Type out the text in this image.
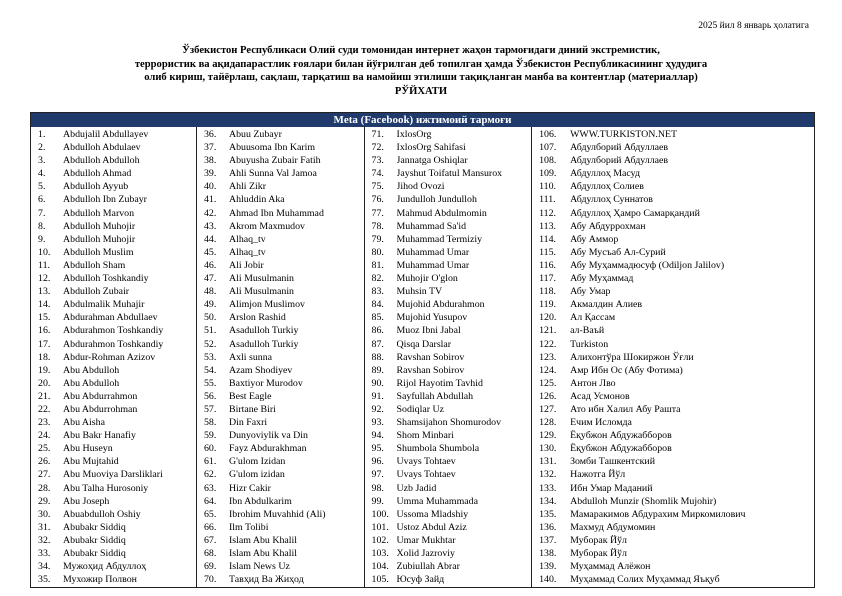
2025 йил 8 январь ҳолатига
Ўзбекистон Республикаси Олий суди томонидан интернет жаҳон тармоғидаги диний экстремистик,
террористик ва ақидапарастлик ғоялари билан йўғрилган деб топилган ҳамда Ўзбекистон Республикасининг ҳудудига
олиб кириш, тайёрлаш, сақлаш, тарқатиш ва намойиш этилиши тақиқланган манба ва контентлар (материаллар)
РЎЙХАТИ
Meta (Facebook) ижтимоий тармоғи
1.	Abdujalil Abdullayev
2.	Abdulloh Abdulaev
3.	Abdulloh Abdulloh
4.	Abdulloh Ahmad
5.	Abdulloh Ayyub
6.	Abdulloh Ibn Zubayr
7.	Abdulloh Marvon
8.	Abdulloh Muhojir
9.	Abdulloh Muhojir
10.	Abdulloh Muslim
11.	Abdulloh Sham
12.	Abdulloh Toshkandiy
13.	Abdulloh Zubair
14.	Abdulmalik Muhajir
15.	Abdurahman Abdullaev
16.	Abdurahmon Toshkandiy
17.	Abdurahmon Toshkandiy
18.	Abdur-Rohman Azizov
19.	Abu Abdulloh
20.	Abu Abdulloh
21.	Abu Abdurrahmon
22.	Abu Abdurrohman
23.	Abu Aisha
24.	Abu Bakr Hanafiy
25.	Abu Huseyn
26.	Abu Mujtahid
27.	Abu Muoviya Darsliklari
28.	Abu Talha Hurosoniy
29.	Abu Joseph
30.	Abuabdulloh Oshiy
31.	Abubakr Siddiq
32.	Abubakr Siddiq
33.	Abubakr Siddiq
34.	Мужоҳид Абдуллоҳ
35.	Мухожир Полвон
36.	Abuu Zubayr
37.	Abuusoma Ibn Karim
38.	Abuyusha Zubair Fatih
39.	Ahli Sunna Val Jamoa
40.	Ahli Zikr
41.	Ahluddin Aka
42.	Ahmad Ibn Muhammad
43.	Akrom Maxmudov
44.	Alhaq_tv
45.	Alhaq_tv
46.	Ali Jobir
47.	Ali Musulmanin
48.	Ali Musulmanin
49.	Alimjon Muslimov
50.	Arslon Rashid
51.	Asadulloh Turkiy
52.	Asadulloh Turkiy
53.	Axli sunna
54.	Azam Shodiyev
55.	Baxtiyor Murodov
56.	Best Eagle
57.	Birtane Biri
58.	Din Faxri
59.	Dunyoviylik va Din
60.	Fayz Abdurakhman
61.	G'ulom Izidan
62.	G'ulom izidan
63.	Hizr Cakir
64.	Ibn Abdulkarim
65.	Ibrohim Muvahhid (Ali)
66.	Ilm Tolibi
67.	Islam Abu Khalil
68.	Islam Abu Khalil
69.	Islam News Uz
70.	Тавҳид Ва Жиҳод
71.	IxlosOrg
72.	IxlosOrg Sahifasi
73.	Jannatga Oshiqlar
74.	Jayshut Toifatul Mansurox
75.	Jihod Ovozi
76.	Jundulloh Jundulloh
77.	Mahmud Abdulmomin
78.	Muhammad Sa'id
79.	Muhammad Termiziy
80.	Muhammad Umar
81.	Muhammad Umar
82.	Muhojir O'glon
83.	Muhsin TV
84.	Mujohid Abdurahmon
85.	Mujohid Yusupov
86.	Muoz Ibni Jabal
87.	Qisqa Darslar
88.	Ravshan Sobirov
89.	Ravshan Sobirov
90.	Rijol Hayotim Tavhid
91.	Sayfullah Abdullah
92.	Sodiqlar Uz
93.	Shamsijahon Shomurodov
94.	Shom Minbari
95.	Shumbola Shumbola
96.	Uvays Tohtaev
97.	Uvays Tohtaev
98.	Uzb Jadid
99.	Umma Muhammada
100. Ussoma Mladshiy
101. Ustoz Abdul Aziz
102. Umar Mukhtar
103. Xolid Jazroviy
104. Zubiullah Abrar
105. Юсуф Зайд
106.	WWW.TURKISTON.NET
107.	Абдулборий Абдуллаев
108.	Абдулборий Абдуллаев
109.	Абдуллоҳ Масуд
110.	Абдуллоҳ Солиев
111.	Абдуллоҳ Суннатов
112.	Абдуллоҳ Ҳамро Самарқандий
113.	Абу Абдуррохман
114.	Абу Аммор
115.	Абу Мусъаб Ал-Сурий
116.	Абу Муҳаммадюсуф (Odiljon Jalilov)
117.	Абу Муҳаммад
118.	Абу Умар
119.	Акмалдин Алиев
120.	Ал Қассам
121.	ал-Ваъй
122.	Turkiston
123.	Алихонтўра Шокиржон Ўғли
124.	Амр Ибн Ос (Абу Фотима)
125.	Антон Лво
126.	Асад Усмонов
127.	Ато ибн Халил Абу Рашта
128.	Ечим Исломда
129.	Ёқубжон Абдужабборов
130.	Ёқубжон Абдужабборов
131.	Зомби Ташкентский
132.	Нажотга Йўл
133.	Ибн Умар Маданий
134.	Abdulloh Munzir (Shomlik Mujohir)
135.	Мамаракимов Абдурахим Миркомилович
136.	Махмуд Абдумомин
137.	Муборак Йўл
138.	Муборак Йўл
139.	Муҳаммад Алёжон
140.	Муҳаммад Солих Муҳаммад Яъқуб
